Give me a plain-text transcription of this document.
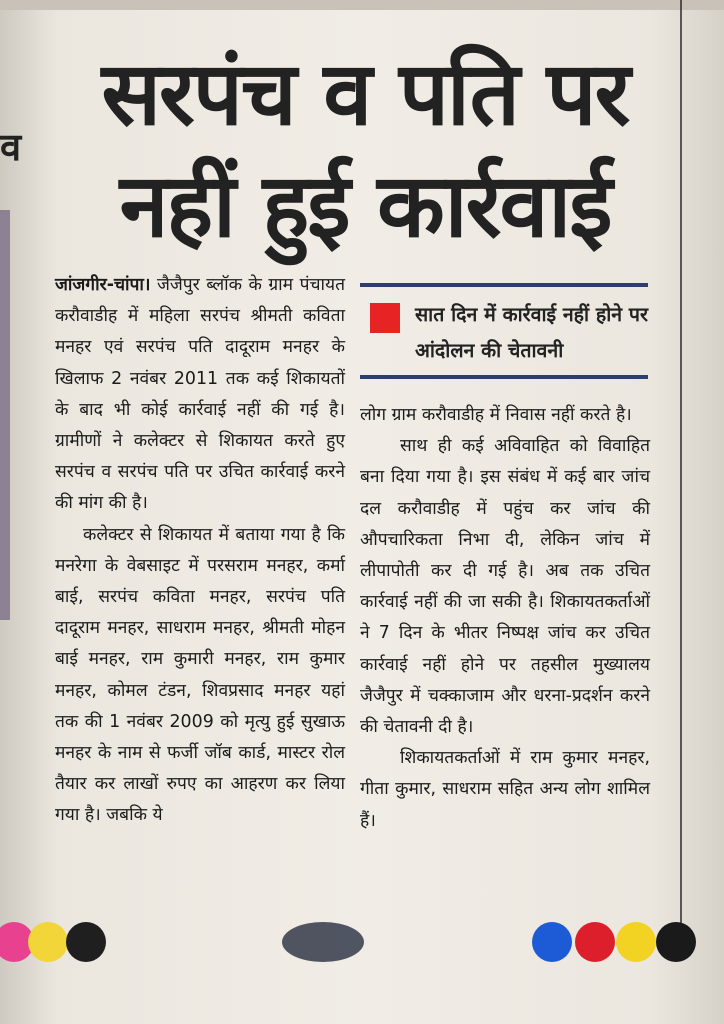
व
सरपंच व पति पर
नहीं हुई कार्रवाई

जांजगीर-चांपा। जैजैपुर ब्लॉक के ग्राम पंचायत करौवाडीह में महिला सरपंच श्रीमती कविता मनहर एवं सरपंच पति दादूराम मनहर के खिलाफ 2 नवंबर 2011 तक कई शिकायतों के बाद भी कोई कार्रवाई नहीं की गई है। ग्रामीणों ने कलेक्टर से शिकायत करते हुए सरपंच व सरपंच पति पर उचित कार्रवाई करने की मांग की है।

कलेक्टर से शिकायत में बताया गया है कि मनरेगा के वेबसाइट में परसराम मनहर, कर्मा बाई, सरपंच कविता मनहर, सरपंच पति दादूराम मनहर, साधराम मनहर, श्रीमती मोहन बाई मनहर, राम कुमारी मनहर, राम कुमार मनहर, कोमल टंडन, शिवप्रसाद मनहर यहां तक की 1 नवंबर 2009 को मृत्यु हुई सुखाऊ मनहर के नाम से फर्जी जॉब कार्ड, मास्टर रोल तैयार कर लाखों रुपए का आहरण कर लिया गया है। जबकि ये

सात दिन में कार्रवाई नहीं होने पर आंदोलन की चेतावनी

लोग ग्राम करौवाडीह में निवास नहीं करते है।

साथ ही कई अविवाहित को विवाहित बना दिया गया है। इस संबंध में कई बार जांच दल करौवाडीह में पहुंच कर जांच की औपचारिकता निभा दी, लेकिन जांच में लीपापोती कर दी गई है। अब तक उचित कार्रवाई नहीं की जा सकी है। शिकायतकर्ताओं ने 7 दिन के भीतर निष्पक्ष जांच कर उचित कार्रवाई नहीं होने पर तहसील मुख्यालय जैजैपुर में चक्काजाम और धरना-प्रदर्शन करने की चेतावनी दी है।

शिकायतकर्ताओं में राम कुमार मनहर, गीता कुमार, साधराम सहित अन्य लोग शामिल हैं।
